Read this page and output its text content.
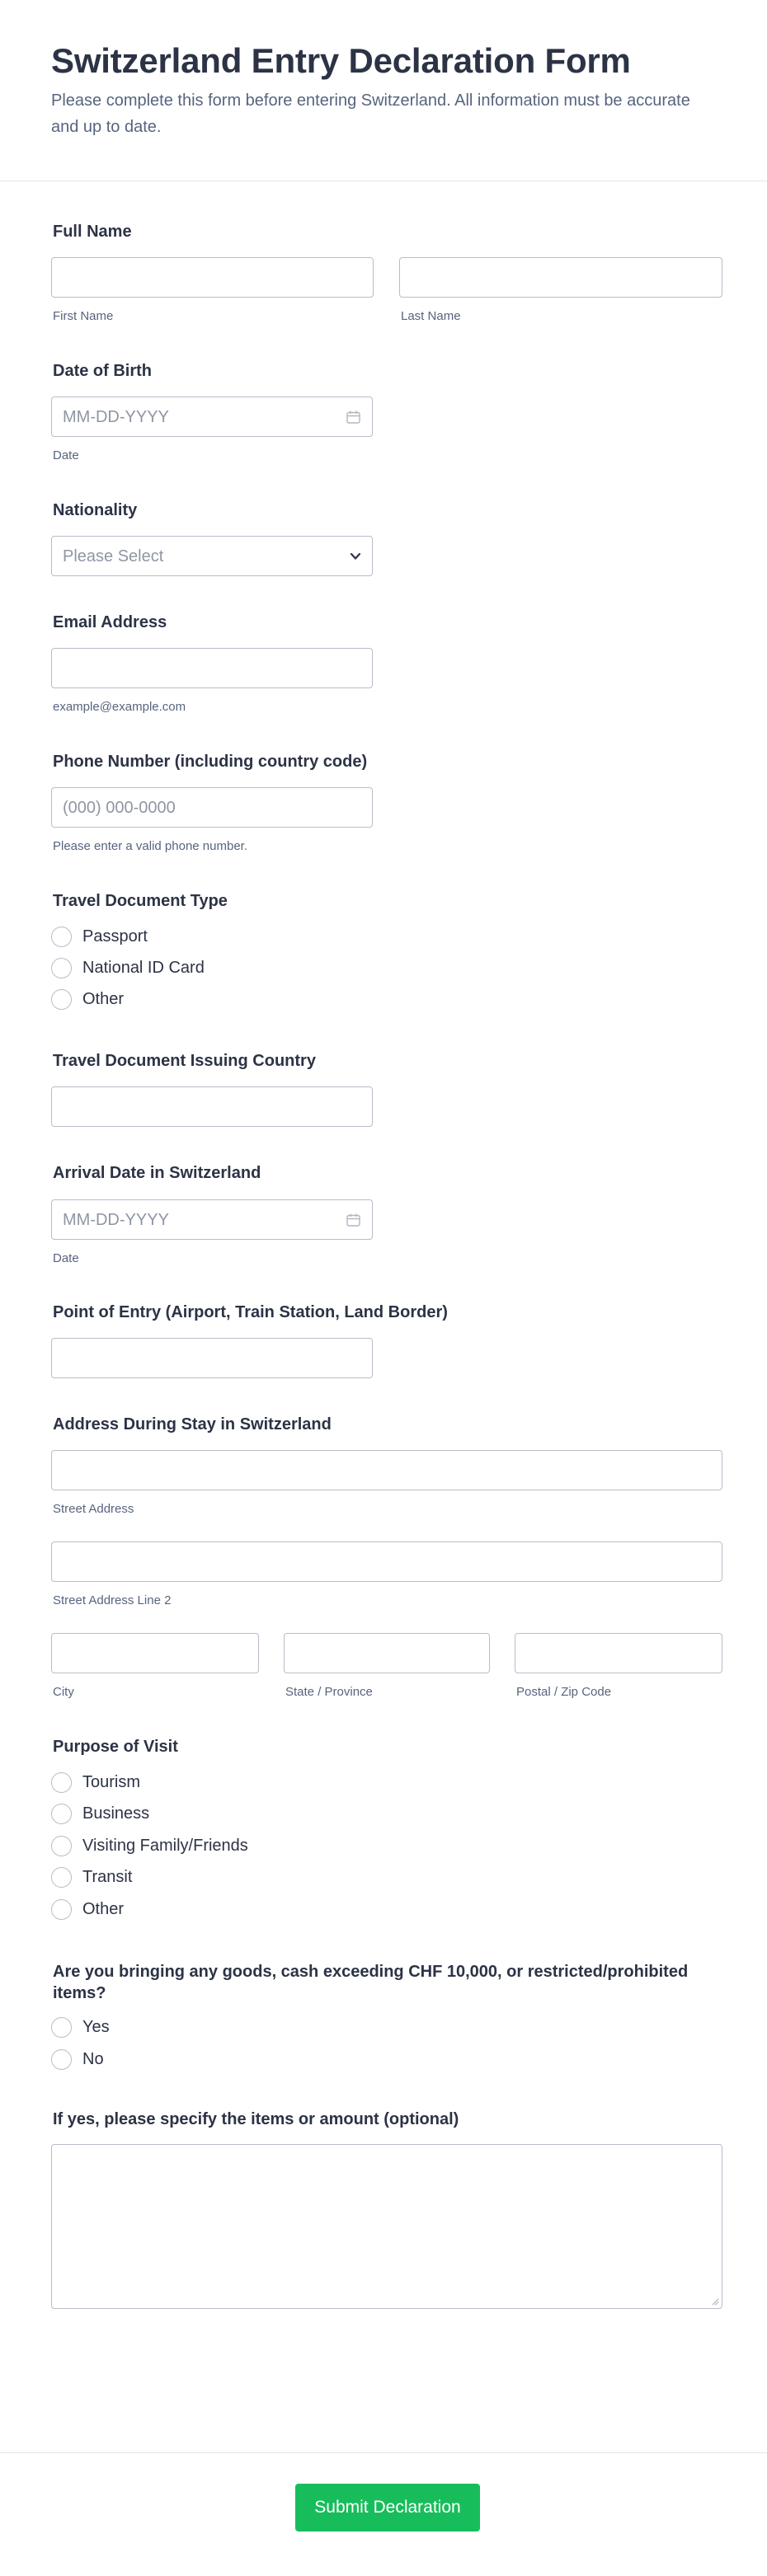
Switzerland Entry Declaration Form
Please complete this form before entering Switzerland. All information must be accurate and up to date.
Full Name
First Name	Last Name
Date of Birth
MM-DD-YYYY
Date
Nationality
Please Select
Email Address
example@example.com
Phone Number (including country code)
(000) 000-0000
Please enter a valid phone number.
Travel Document Type
Passport
National ID Card
Other
Travel Document Issuing Country
Arrival Date in Switzerland
MM-DD-YYYY
Date
Point of Entry (Airport, Train Station, Land Border)
Address During Stay in Switzerland
Street Address
Street Address Line 2
City	State / Province	Postal / Zip Code
Purpose of Visit
Tourism
Business
Visiting Family/Friends
Transit
Other
Are you bringing any goods, cash exceeding CHF 10,000, or restricted/prohibited items?
Yes
No
If yes, please specify the items or amount (optional)
Submit Declaration
